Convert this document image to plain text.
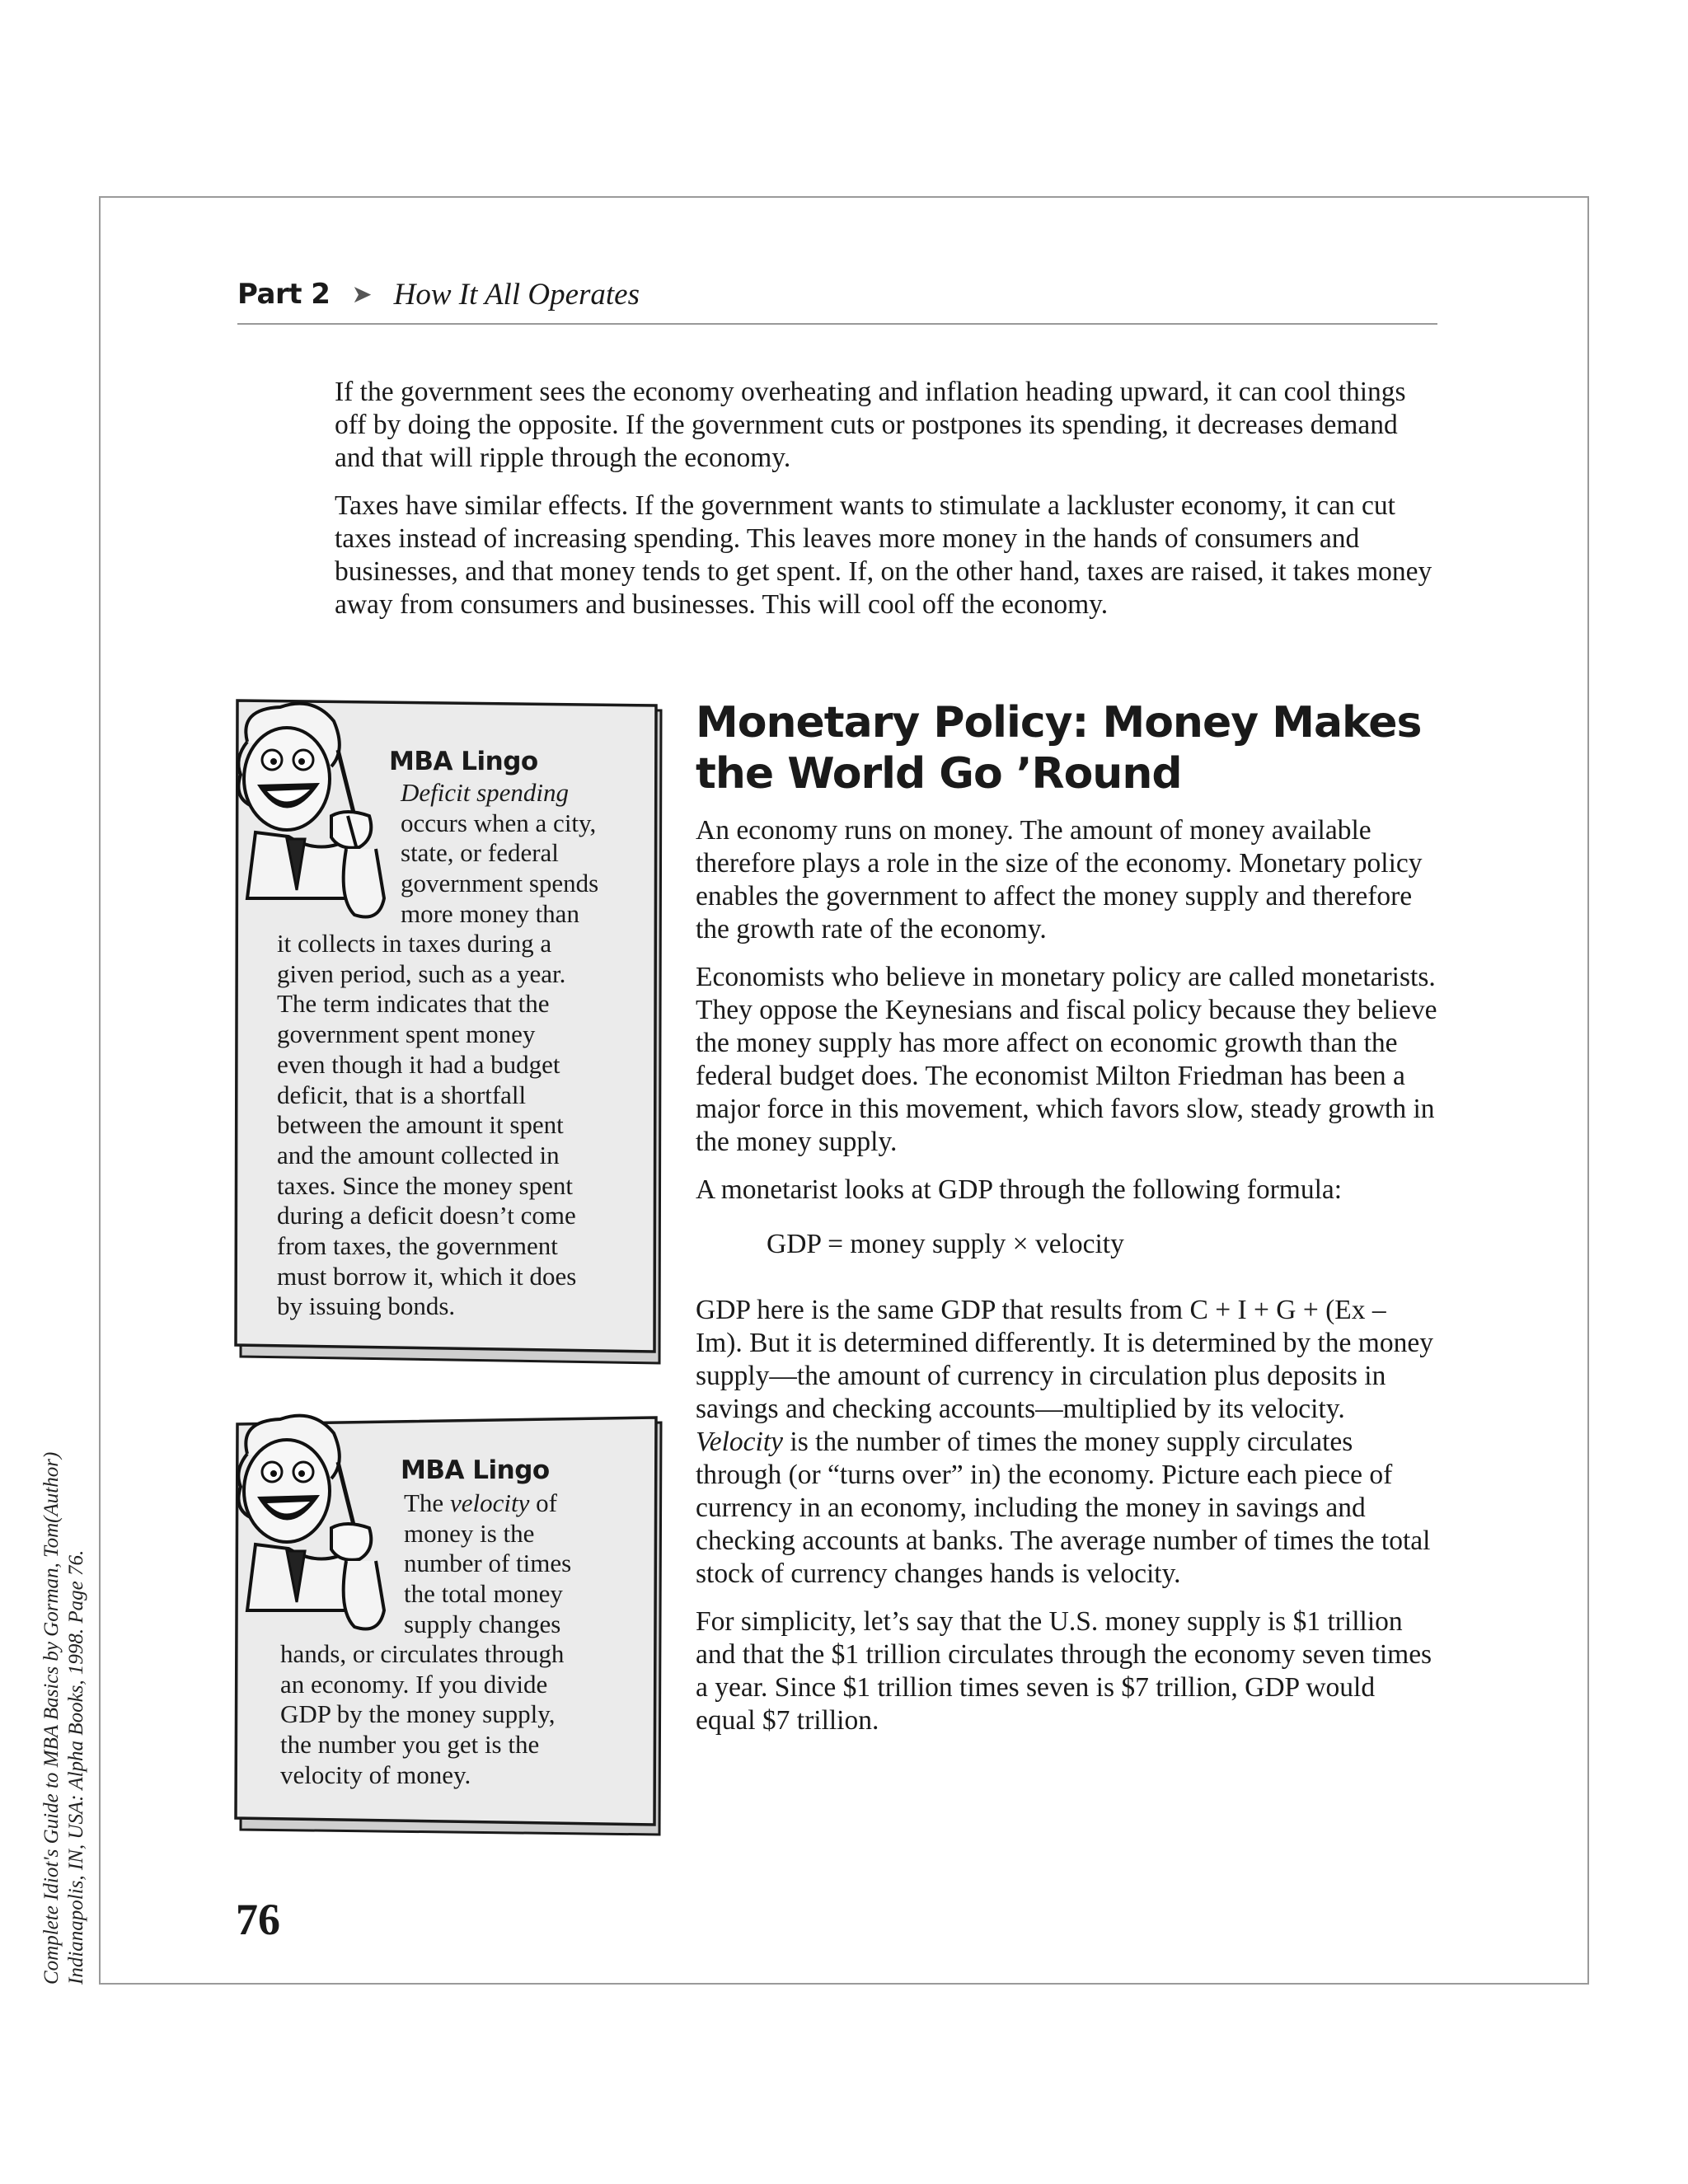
Complete Idiot's Guide to MBA Basics by Gorman, Tom(Author) Indianapolis, IN, USA: Alpha Books, 1998. Page 76.
Part 2 ➤ How It All Operates

If the government sees the economy overheating and inflation heading upward, it can cool things off by doing the opposite. If the government cuts or postpones its spending, it decreases demand and that will ripple through the economy.

Taxes have similar effects. If the government wants to stimulate a lackluster economy, it can cut taxes instead of increasing spending. This leaves more money in the hands of consumers and businesses, and that money tends to get spent. If, on the other hand, taxes are raised, it takes money away from consumers and businesses. This will cool off the economy.

Monetary Policy: Money Makes
the World Go ’Round

An economy runs on money. The amount of money available therefore plays a role in the size of the economy. Monetary policy enables the government to affect the money supply and therefore the growth rate of the economy.

Economists who believe in monetary policy are called monetarists. They oppose the Keynesians and fiscal policy because they believe the money supply has more affect on economic growth than the federal budget does. The economist Milton Friedman has been a major force in this movement, which favors slow, steady growth in the money supply.

A monetarist looks at GDP through the following formula:

GDP = money supply × velocity

GDP here is the same GDP that results from C + I + G + (Ex – Im). But it is determined differently. It is determined by the money supply—the amount of currency in circulation plus deposits in savings and checking accounts—multiplied by its velocity. Velocity is the number of times the money supply circulates through (or “turns over” in) the economy. Picture each piece of currency in an economy, including the money in savings and checking accounts at banks. The average number of times the total stock of currency changes hands is velocity.

For simplicity, let’s say that the U.S. money supply is $1 trillion and that the $1 trillion circulates through the economy seven times a year. Since $1 trillion times seven is $7 trillion, GDP would equal $7 trillion.

MBA Lingo
Deficit spending
occurs when a city,
state, or federal
government spends
more money than
it collects in taxes during a
given period, such as a year.
The term indicates that the
government spent money
even though it had a budget
deficit, that is a shortfall
between the amount it spent
and the amount collected in
taxes. Since the money spent
during a deficit doesn’t come
from taxes, the government
must borrow it, which it does
by issuing bonds.
MBA Lingo
The velocity of
money is the
number of times
the total money
supply changes
hands, or circulates through
an economy. If you divide
GDP by the money supply,
the number you get is the
velocity of money.
76
